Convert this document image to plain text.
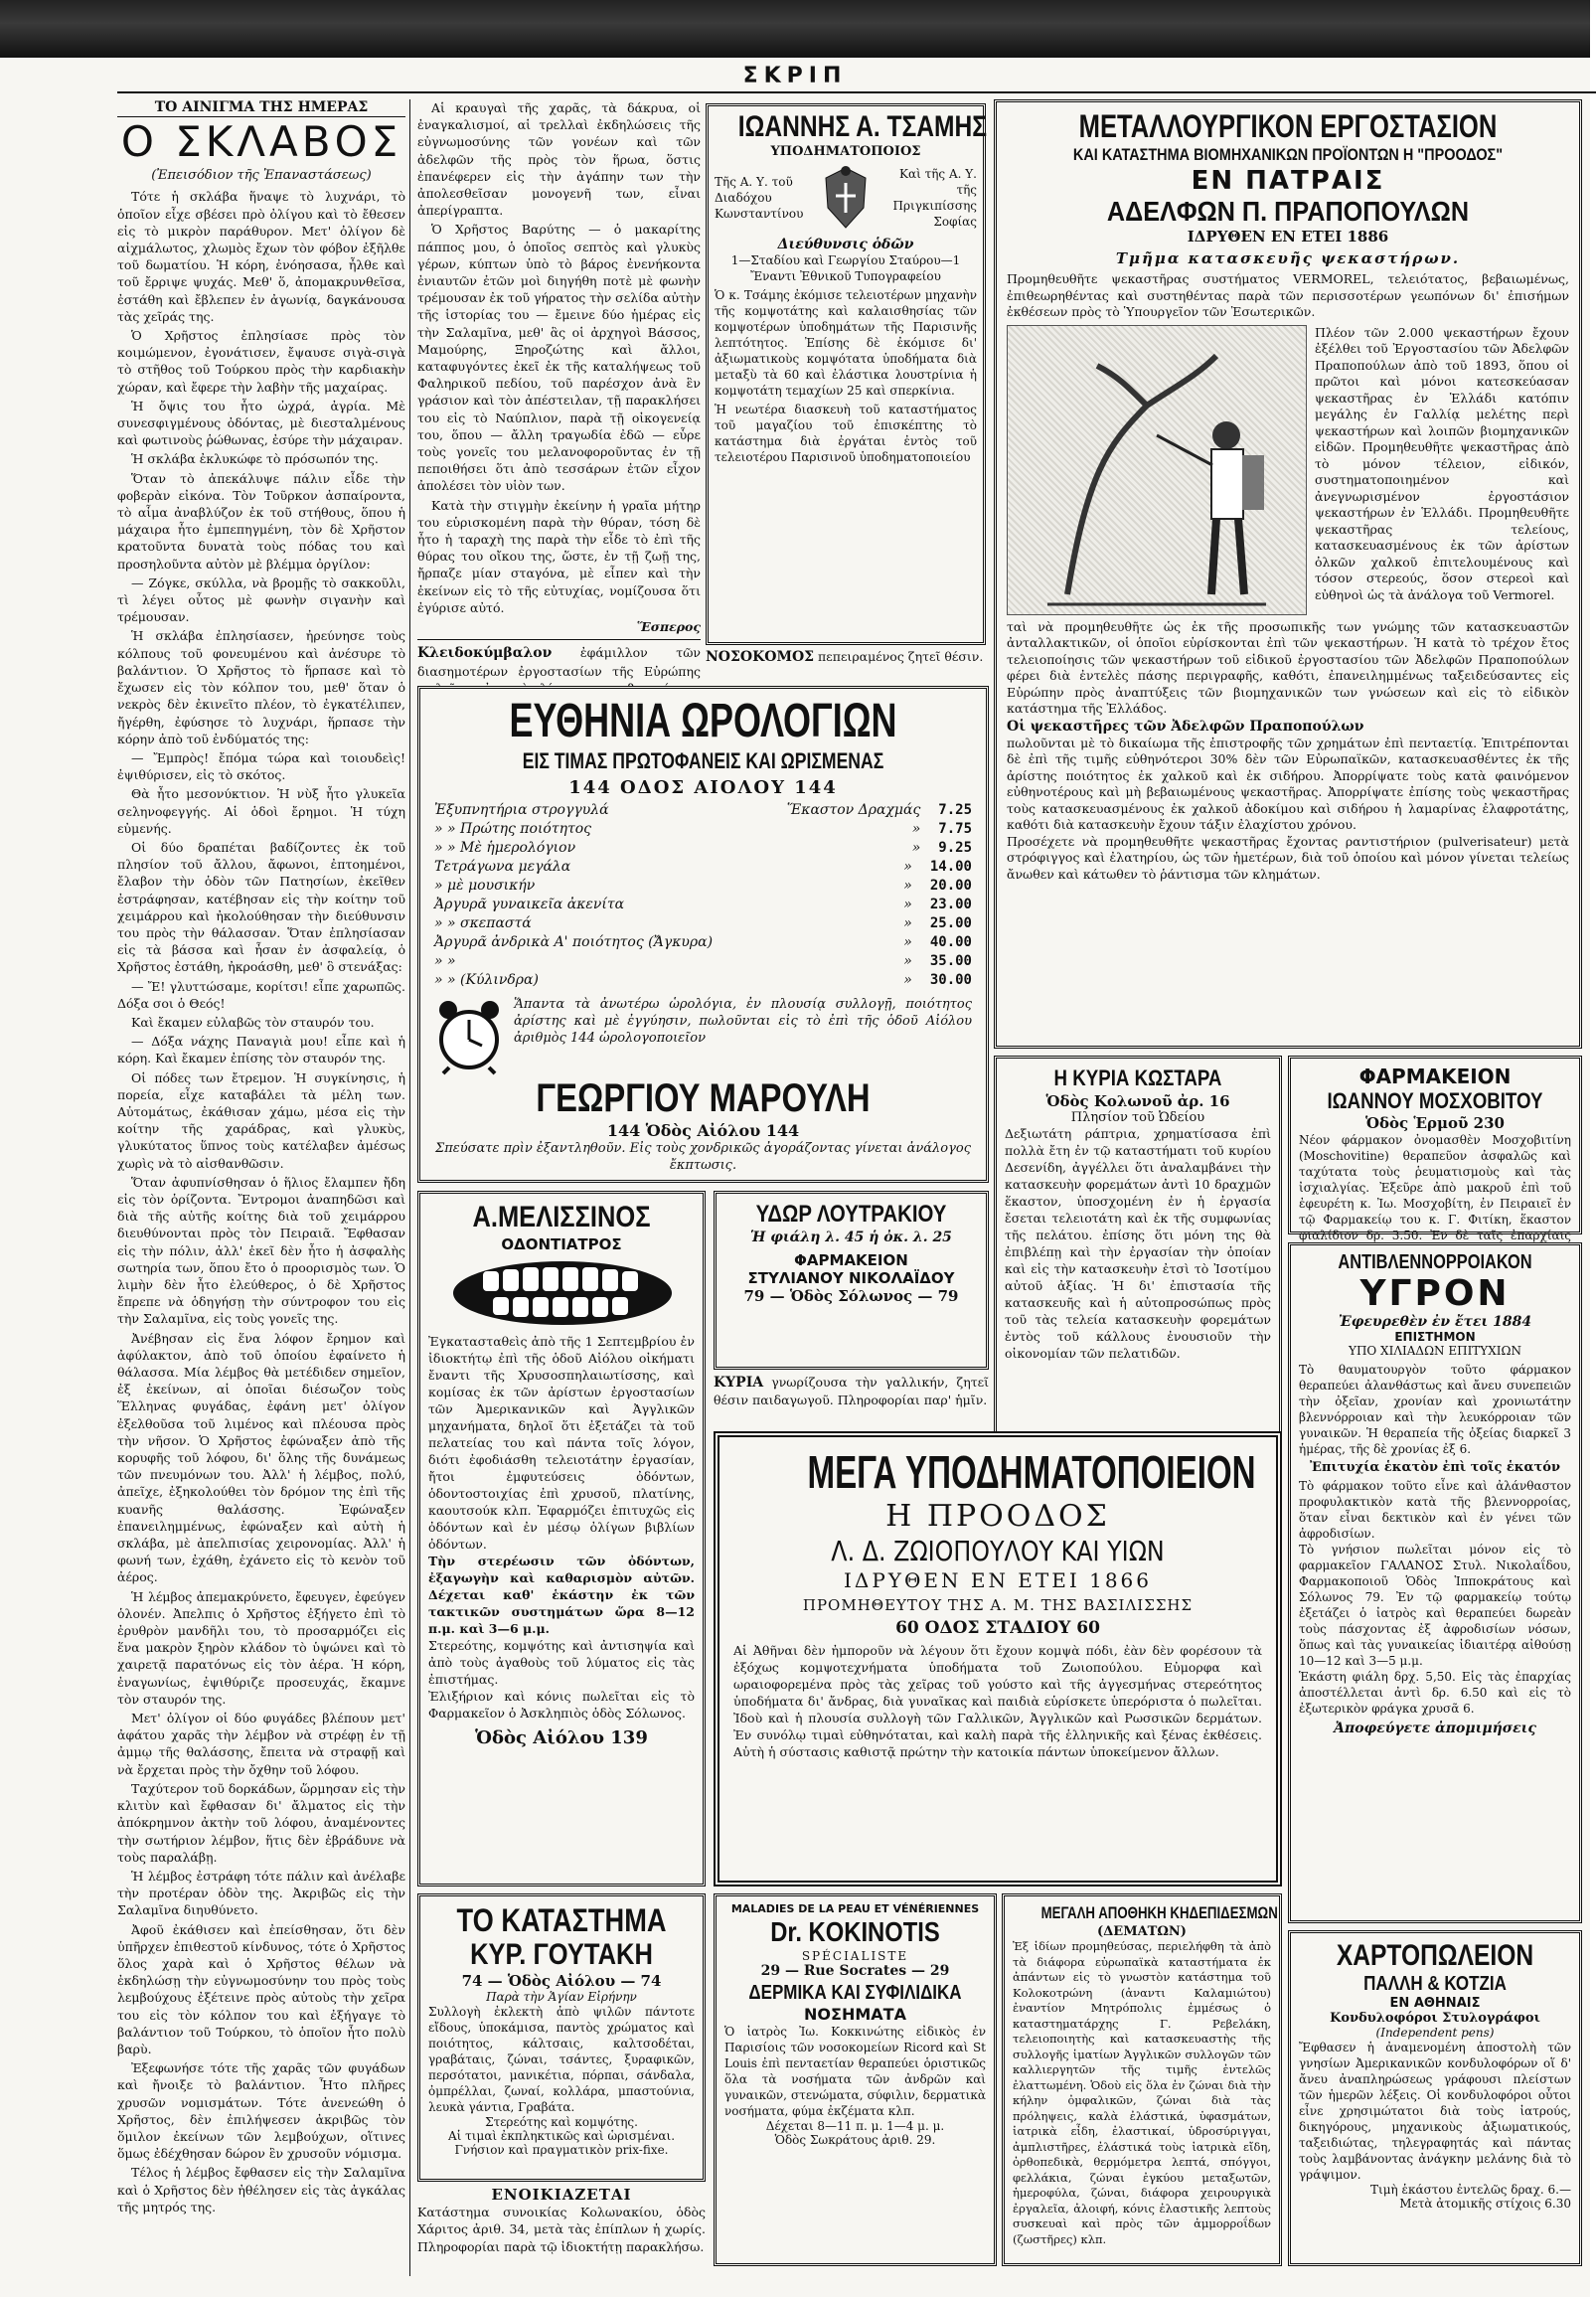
ΣΚΡΙΠ
ΤΟ ΑΙΝΙΓΜΑ ΤΗΣ ΗΜΕΡΑΣ
Ο ΣΚΛΑΒΟΣ
(Ἐπεισόδιον τῆς Ἐπαναστάσεως)

Τότε ἡ σκλάβα ἥναψε τὸ λυχνάρι, τὸ ὁποῖον εἶχε σβέσει πρὸ ὀλίγου καὶ τὸ ἔθεσεν εἰς τὸ μικρὸν παράθυρον. Μετ' ὀλίγον δὲ αἰχμάλωτος, χλωμὸς ἔχων τὸν φόβον ἐξῆλθε τοῦ δωματίου. Ἡ κόρη, ἐνόησασα, ἦλθε καὶ τοῦ ἔρριψε ψυχάς. Μεθ' ὅ, ἀπομακρυνθεῖσα, ἐστάθη καὶ ἔβλεπεν ἐν ἀγωνίᾳ, δαγκάνουσα τὰς χεῖράς της.

Ὁ Χρῆστος ἐπλησίασε πρὸς τὸν κοιμώμενον, ἐγονάτισεν, ἔψαυσε σιγὰ-σιγὰ τὸ στῆθος τοῦ Τούρκου πρὸς τὴν καρδιακὴν χώραν, καὶ ἔφερε τὴν λαβὴν τῆς μαχαίρας.

Ἡ ὄψις του ἦτο ὠχρά, ἀγρία. Μὲ συνεσφιγμένους ὀδόντας, μὲ διεσταλμένους καὶ φωτινοὺς ῥώθωνας, ἐσύρε τὴν μάχαιραν.

Ἡ σκλάβα ἐκλυκώφε τὸ πρόσωπόν της.

Ὅταν τὸ ἀπεκάλυψε πάλιν εἶδε τὴν φοβερὰν εἰκόνα. Τὸν Τοῦρκον ἀσπαίροντα, τὸ αἷμα ἀναβλύζον ἐκ τοῦ στήθους, ὅπου ἡ μάχαιρα ἦτο ἐμπεπηγμένη, τὸν δὲ Χρῆστον κρατοῦντα δυνατὰ τοὺς πόδας του καὶ προσηλοῦντα αὐτὸν μὲ βλέμμα ὀργίλον:

— Ζόγκε, σκύλλα, νὰ βρομῇς τὸ σακκοῦλι, τὶ λέγει οὗτος μὲ φωνὴν σιγανὴν καὶ τρέμουσαν.

Ἡ σκλάβα ἐπλησίασεν, ἠρεύνησε τοὺς κόλπους τοῦ φονευμένου καὶ ἀνέσυρε τὸ βαλάντιον. Ὁ Χρῆστος τὸ ἥρπασε καὶ τὸ ἔχωσεν εἰς τὸν κόλπον του, μεθ' ὅταν ὁ νεκρὸς δὲν ἐκινεῖτο πλέον, τὸ ἐγκατέλιπεν, ἤγέρθη, ἐφύσησε τὸ λυχνάρι, ἥρπασε τὴν κόρην ἀπὸ τοῦ ἐνδύματός της:

— Ἔμπρὸς! ἔπόμα τώρα καὶ τοιουδεὶς! ἐψιθύρισεν, εἰς τὸ σκότος.

Θὰ ἦτο μεσονύκτιον. Ἡ νὺξ ἦτο γλυκεῖα σεληνοφεγγής. Αἱ ὁδοὶ ἔρημοι. Ἡ τύχη εὐμενής.

Οἱ δύο δραπέται βαδίζοντες ἐκ τοῦ πλησίον τοῦ ἄλλου, ἄφωνοι, ἐπτοημένοι, ἔλαβον τὴν ὁδὸν τῶν Πατησίων, ἐκεῖθεν ἐστράφησαν, κατέβησαν εἰς τὴν κοίτην τοῦ χειμάρρου καὶ ἠκολούθησαν τὴν διεύθυνσιν του πρὸς τὴν θάλασσαν. Ὅταν ἐπλησίασαν εἰς τὰ βάσσα καὶ ἦσαν ἐν ἀσφαλείᾳ, ὁ Χρῆστος ἐστάθη, ἠκροάσθη, μεθ' ὃ στενάξας:

— Ἔ! γλυττώσαμε, κορίτσι! εἶπε χαρωπῶς. Δόξα σοι ὁ Θεός!

Καὶ ἔκαμεν εὐλαβῶς τὸν σταυρόν του.

— Δόξα νάχης Παναγιὰ μου! εἶπε καὶ ἡ κόρη. Καὶ ἔκαμεν ἐπίσης τὸν σταυρόν της.

Οἱ πόδες των ἔτρεμον. Ἡ συγκίνησις, ἡ πορεία, εἶχε καταβάλει τὰ μέλη των. Αὐτομάτως, ἐκάθισαν χάμω, μέσα εἰς τὴν κοίτην τῆς χαράδρας, καὶ γλυκὺς, γλυκύτατος ὕπνος τοὺς κατέλαβεν ἀμέσως χωρὶς νὰ τὸ αἰσθανθῶσιν.

Ὅταν ἀφυπνίσθησαν ὁ ἥλιος ἔλαμπεν ἤδη εἰς τὸν ὁρίζοντα. Ἔντρομοι ἀναπηδῶσι καὶ διὰ τῆς αὐτῆς κοίτης διὰ τοῦ χειμάρρου διευθύνονται πρὸς τὸν Πειραιᾶ. Ἔφθασαν εἰς τὴν πόλιν, ἀλλ' ἐκεῖ δὲν ἦτο ἡ ἀσφαλὴς σωτηρία των, ὅπου ἔτο ὁ προορισμὸς των. Ὁ λιμὴν δὲν ἦτο ἐλεύθερος, ὁ δὲ Χρῆστος ἔπρεπε νὰ ὁδηγήσῃ τὴν σύντροφον του εἰς τὴν Σαλαμῖνα, εἰς τοὺς γονεῖς της.

Ἀνέβησαν εἰς ἕνα λόφον ἔρημον καὶ ἀφύλακτον, ἀπὸ τοῦ ὁποίου ἐφαίνετο ἡ θάλασσα. Μία λέμβος θὰ μετέδιδεν σημεῖον, ἐξ ἐκείνων, αἱ ὁποῖαι διέσωζον τοὺς Ἕλληνας φυγάδας, ἐφάνη μετ' ὀλίγον ἐξελθοῦσα τοῦ λιμένος καὶ πλέουσα πρὸς τὴν νῆσον. Ὁ Χρῆστος ἐφώναξεν ἀπὸ τῆς κορυφῆς τοῦ λόφου, δι' ὅλης τῆς δυνάμεως τῶν πνευμόνων του. Ἀλλ' ἡ λέμβος, πολύ, ἀπεῖχε, ἐξηκολούθει τὸν δρόμον της ἐπὶ τῆς κυανῆς θαλάσσης. Ἐφώναξεν ἐπανειλημμένως, ἐφώναξεν καὶ αὐτὴ ἡ σκλάβα, μὲ ἀπελπισίας χειρονομίας. Ἀλλ' ἡ φωνή των, ἐχάθη, ἐχάνετο εἰς τὸ κενὸν τοῦ ἀέρος.

Ἡ λέμβος ἀπεμακρύνετο, ἔφευγεν, ἐφεύγεν ὁλονέν. Ἀπελπις ὁ Χρῆστος ἐξήγετο ἐπὶ τὸ ἐρυθρὸν μανδῆλι του, τὸ προσαρμόζει εἰς ἕνα μακρὸν ξηρὸν κλάδον τὸ ὑψώνει καὶ τὸ χαιρετᾷ παρατόνως εἰς τὸν ἀέρα. Ἡ κόρη, ἐναγωνίως, ἐψιθύριζε προσευχάς, ἔκαμνε τὸν σταυρόν της.

Μετ' ὀλίγον οἱ δύο φυγάδες βλέπουν μετ' ἀφάτου χαρᾶς τὴν λέμβον νὰ στρέφῃ ἐν τῇ ἀμμῳ τῆς θαλάσσης, ἔπειτα νὰ στραφῇ καὶ νὰ ἔρχεται πρὸς τὴν ὄχθην τοῦ λόφου.

Ταχύτερον τοῦ δορκάδων, ὥρμησαν εἰς τὴν κλιτὺν καὶ ἔφθασαν δι' ἄλματος εἰς τὴν ἀπόκρημνον ἀκτὴν τοῦ λόφου, ἀναμένοντες τὴν σωτήριον λέμβον, ἥτις δὲν ἐβράδυνε νὰ τοὺς παραλάβῃ.

Ἡ λέμβος ἐστράφη τότε πάλιν καὶ ἀνέλαβε τὴν προτέραν ὁδὸν της. Ἀκριβῶς εἰς τὴν Σαλαμῖνα διηυθύνετο.

Ἀφοῦ ἐκάθισεν καὶ ἐπείσθησαν, ὅτι δὲν ὑπῆρχεν ἐπιθεστοῦ κίνδυνος, τότε ὁ Χρῆστος ὅλος χαρὰ καὶ ὁ Χρῆστος θέλων νὰ ἐκδηλώσῃ τὴν εὐγνωμοσύνην του πρὸς τοὺς λεμβούχους ἐξέτεινε πρὸς αὐτοὺς τὴν χεῖρα του εἰς τὸν κόλπον του καὶ ἐξήγαγε τὸ βαλάντιον τοῦ Τούρκου, τὸ ὁποῖον ἦτο πολὺ βαρὺ.

Ἐξεφωνήσε τότε τῆς χαρᾶς τῶν φυγάδων καὶ ἤνοιξε τὸ βαλάντιον. Ἦτο πλῆρες χρυσῶν νομισμάτων. Τότε ἀνενεώθη ὁ Χρῆστος, δὲν ἐπιλήψεσεν ἀκριβῶς τὸν ὅμιλον ἐκείνων τῶν λεμβούχων, οἵτινες ὅμως ἐδέχθησαν δώρον ἓν χρυσοῦν νόμισμα.

Τέλος ἡ λέμβος ἔφθασεν εἰς τὴν Σαλαμῖνα καὶ ὁ Χρῆστος δὲν ἠθέλησεν εἰς τὰς ἀγκάλας τῆς μητρός της.

Αἱ κραυγαὶ τῆς χαρᾶς, τὰ δάκρυα, οἱ ἐναγκαλισμοί, αἱ τρελλαὶ ἐκδηλώσεις τῆς εὐγνωμοσύνης τῶν γονέων καὶ τῶν ἀδελφῶν τῆς πρὸς τὸν ἥρωα, ὅστις ἐπανέφερεν εἰς τὴν ἀγάπην των τὴν ἀπολεσθεῖσαν μονογενῆ των, εἶναι ἀπερίγραπτα.

Ὁ Χρῆστος Βαρύτης — ὁ μακαρίτης πάππος μου, ὁ ὁποῖος σεπτὸς καὶ γλυκὺς γέρων, κύπτων ὑπὸ τὸ βάρος ἐνενήκοντα ἐνιαυτῶν ἐτῶν μοὶ διηγήθη ποτὲ μὲ φωνὴν τρέμουσαν ἐκ τοῦ γήρατος τὴν σελίδα αὐτὴν τῆς ἱστορίας του — ἔμεινε δύο ἡμέρας εἰς τὴν Σαλαμῖνα, μεθ' ἃς οἱ ἀρχηγοὶ Βάσσος, Μαμούρης, Ξηροζώτης καὶ ἄλλοι, καταφυγόντες ἐκεῖ ἐκ τῆς καταλήψεως τοῦ Φαληρικοῦ πεδίου, τοῦ παρέσχον ἀνὰ ἓν γράσιον καὶ τὸν ἀπέστειλαν, τῇ παρακλήσει του εἰς τὸ Ναύπλιον, παρὰ τῇ οἰκογενείᾳ του, ὅπου — ἄλλη τραγωδία ἐδῶ — εὗρε τοὺς γονεῖς του μελανοφοροῦντας ἐν τῇ πεποιθήσει ὅτι ἀπὸ τεσσάρων ἐτῶν εἶχον ἀπολέσει τὸν υἱὸν των.

Κατὰ τὴν στιγμὴν ἐκείνην ἡ γραῖα μήτηρ του εὑρισκομένη παρὰ τὴν θύραν, τόση δὲ ἦτο ἡ ταραχὴ της παρὰ τὴν εἶδε τὸ ἐπὶ τῆς θύρας του οἴκου της, ὥστε, ἐν τῇ ζωῇ της, ἤρπαζε μίαν σταγόνα, μὲ εἶπεν καὶ τὴν ἐκείνων εἰς τὸ τῆς εὐτυχίας, νομίζουσα ὅτι ἐγύρισε αὐτό.

Ἕσπερος
Κλειδοκύμβαλον ἐφάμιλλον τῶν διασημοτέρων ἐργοστασίων τῆς Εὐρώπης
ΙΩΑΝΝΗΣ Α. ΤΣΑΜΗΣ
ΥΠΟΔΗΜΑΤΟΠΟΙΟΣ
Τῆς Α. Υ. τοῦ Διαδόχου Κωνσταντίνου
Καὶ τῆς Α. Υ. τῆς Πριγκιπίσσης Σοφίας
Διεύθυνσις ὁδῶν
1—Σταδίου καὶ Γεωργίου Σταύρου—1 Ἔναντι Ἐθνικοῦ Τυπογραφείου
Ὁ κ. Τσάμης ἐκόμισε τελειοτέρων μηχανὴν τῆς κομψοτάτης καὶ καλαισθησίας τῶν κομψοτέρων ὑποδημάτων τῆς Παρισινῆς λεπτότητος. Ἐπίσης δὲ ἐκόμισε δι' ἀξιωματικοὺς κομψότατα ὑποδήματα διὰ μεταξὺ τὰ 60 καὶ ἐλάστικα λουστρίνια ἡ κομψοτάτη τεμαχίων 25 καὶ σπερκίνια.
Ἡ νεωτέρα διασκευὴ τοῦ καταστήματος τοῦ μαγαζίου τοῦ ἐπισκέπτης τὸ κατάστημα διὰ ἐργάται ἐντὸς τοῦ τελειοτέρου Παρισινοῦ ὑποδηματοποιείου
ΝΟΣΟΚΟΜΟΣ πεπειραμένος ζητεῖ θέσιν.
ΕΥΘΗΝΙΑ ΩΡΟΛΟΓΙΩΝ
ΕΙΣ ΤΙΜΑΣ ΠΡΩΤΟΦΑΝΕΙΣ ΚΑΙ ΩΡΙΣΜΕΝΑΣ
144 ΟΔΟΣ ΑΙΟΛΟΥ 144
Ἐξυπνητήρια στρογγυλά	Ἕκαστον Δραχμάς 7.25
» » Πρώτης ποιότητος	» 7.75
» » Μὲ ἡμερολόγιον	» 9.25
Τετράγωνα μεγάλα	» 14.00
» μὲ μουσικήν	» 20.00
Ἀργυρᾶ γυναικεῖα ἀκενίτα	» 23.00
» » σκεπαστά	» 25.00
Ἀργυρᾶ ἀνδρικὰ Α' ποιότητος (Ἄγκυρα)	» 40.00
» »	» 35.00
» » (Κύλινδρα)	» 30.00
Ἅπαντα τὰ ἀνωτέρω ὡρολόγια, ἐν πλουσίᾳ συλλογῇ, ποιότητος ἀρίστης καὶ μὲ ἐγγύησιν, πωλοῦνται εἰς τὸ ἐπὶ τῆς ὁδοῦ Αἰόλου ἀριθμὸς 144 ὡρολογοποιεῖον
ΓΕΩΡΓΙΟΥ ΜΑΡΟΥΛΗ
144 Ὁδὸς Αἰόλου 144
Σπεύσατε πρὶν ἐξαντληθοῦν. Εἰς τοὺς χονδρικῶς ἀγοράζοντας γίνεται ἀνάλογος ἔκπτωσις.
Α.ΜΕΛΙΣΣΙΝΟΣ
ΟΔΟΝΤΙΑΤΡΟΣ
Ἐγκατασταθεὶς ἀπὸ τῆς 1 Σεπτεμβρίου ἐν ἰδιοκτήτῳ ἐπὶ τῆς ὁδοῦ Αἰόλου οἰκήματι ἔναντι τῆς Χρυσοσπηλαιωτίσσης, καὶ κομίσας ἐκ τῶν ἀρίστων ἐργοστασίων τῶν Ἀμερικανικῶν καὶ Ἀγγλικῶν μηχανήματα, δηλοῖ ὅτι ἐξετάζει τὰ τοῦ πελατείας του καὶ πάντα τοῖς λόγον, διότι ἐφοδιάσθη τελειοτάτην ἐργασίαν, ἤτοι ἐμφυτεύσεις ὀδόντων, ὁδοντοστοιχίας ἐπὶ χρυσοῦ, πλατίνης, καουτσούκ κλπ. Ἐφαρμόζει ἐπιτυχῶς εἰς ὀδόντων καὶ ἐν μέσῳ ὀλίγων βιβλίων ὀδόντων.
Τὴν στερέωσιν τῶν ὀδόντων, ἐξαγωγὴν καὶ καθαρισμὸν αὐτῶν. Δέχεται καθ' ἑκάστην ἐκ τῶν τακτικῶν συστημάτων ὥρα 8—12 π.μ. καὶ 3—6 μ.μ.
Στερεότης, κομψότης καὶ ἀντισηψία καὶ ἀπὸ τοὺς ἀγαθοὺς τοῦ λύματος εἰς τὰς ἐπιστήμας.
Ἐλιξήριον καὶ κόνις πωλεῖται εἰς τὸ Φαρμακεῖον ὁ Ἀσκληπιὸς ὁδὸς Σόλωνος.
Ὁδὸς Αἰόλου 139
ΥΔΩΡ ΛΟΥΤΡΑΚΙΟΥ
Ἡ φιάλη λ. 45 ἡ ὀκ. λ. 25
ΦΑΡΜΑΚΕΙΟΝ
ΣΤΥΛΙΑΝΟΥ ΝΙΚΟΛΑΪΔΟΥ
79 — Ὁδὸς Σόλωνος — 79
ΚΥΡΙΑ γνωρίζουσα τὴν γαλλικήν, ζητεῖ θέσιν παιδαγωγοῦ. Πληροφορίαι παρ' ἡμῖν.
ΜΕΤΑΛΛΟΥΡΓΙΚΟΝ ΕΡΓΟΣΤΑΣΙΟΝ
ΚΑΙ ΚΑΤΑΣΤΗΜΑ ΒΙΟΜΗΧΑΝΙΚΩΝ ΠΡΟΪΟΝΤΩΝ Η "ΠΡΟΟΔΟΣ"
ΕΝ ΠΑΤΡΑΙΣ
ΑΔΕΛΦΩΝ Π. ΠΡΑΠΟΠΟΥΛΩΝ
ΙΔΡΥΘΕΝ ΕΝ ΕΤΕΙ 1886
Τμῆμα κατασκευῆς ψεκαστήρων.
Προμηθευθῆτε ψεκαστῆρας συστήματος VERMOREL, τελειότατος, βεβαιωμένως, ἐπιθεωρηθέντας καὶ συστηθέντας παρὰ τῶν περισσοτέρων γεωπόνων δι' ἐπισήμων ἐκθέσεων πρὸς τὸ Ὑπουργεῖον τῶν Ἐσωτερικῶν.
Πλέον τῶν 2.000 ψεκαστήρων ἔχουν ἐξέλθει τοῦ Ἐργοστασίου τῶν Ἀδελφῶν Πραποπούλων ἀπὸ τοῦ 1893, ὅπου οἱ πρῶτοι καὶ μόνοι κατεσκεύασαν ψεκαστῆρας ἐν Ἑλλάδι κατόπιν μεγάλης ἐν Γαλλίᾳ μελέτης περὶ ψεκαστήρων καὶ λοιπῶν βιομηχανικῶν εἰδῶν. Προμηθευθῆτε ψεκαστῆρας ἀπὸ τὸ μόνον τέλειον, εἰδικόν, συστηματοποιημένον καὶ ἀνεγνωρισμένον ἐργοστάσιον ψεκαστήρων ἐν Ἑλλάδι. Προμηθευθῆτε ψεκαστῆρας τελείους, κατασκευασμένους ἐκ τῶν ἀρίστων ὀλκῶν χαλκοῦ ἐπιτελουμένους καὶ τόσον στερεούς, ὅσον στερεοὶ καὶ εὐθηνοὶ ὡς τὰ ἀνάλογα τοῦ Vermorel.
ταὶ νὰ προμηθευθῆτε ὡς ἐκ τῆς προσωπικῆς των γνώμης τῶν κατασκευαστῶν ἀνταλλακτικῶν, οἱ ὁποῖοι εὑρίσκονται ἐπὶ τῶν ψεκαστήρων. Ἡ κατὰ τὸ τρέχον ἔτος τελειοποίησις τῶν ψεκαστήρων τοῦ εἰδικοῦ ἐργοστασίου τῶν Ἀδελφῶν Πραποπούλων φέρει διὰ ἐντελὲς πάσης περιγραφῆς, καθότι, ἐπανειλημμένως ταξειδεύσαντες εἰς Εὐρώπην πρὸς ἀναπτύξεις τῶν βιομηχανικῶν των γνώσεων καὶ εἰς τὸ εἰδικὸν κατάστημα τῆς Ἑλλάδος.
Οἱ ψεκαστῆρες τῶν Ἀδελφῶν Πραποπούλων
πωλοῦνται μὲ τὸ δικαίωμα τῆς ἐπιστροφῆς τῶν χρημάτων ἐπὶ πενταετίᾳ. Ἐπιτρέπονται δὲ ἐπὶ τῆς τιμῆς εὐθηνότεροι 30% δὲν τῶν Εὐρωπαϊκῶν, κατασκευασθέντες ἐκ τῆς ἀρίστης ποιότητος ἐκ χαλκοῦ καὶ ἐκ σιδήρου. Ἀπορρίψατε τοὺς κατὰ φαινόμενον εὐθηνοτέρους καὶ μὴ βεβαιωμένους ψεκαστῆρας. Ἀπορρίψατε ἐπίσης τοὺς ψεκαστῆρας τοὺς κατασκευασμένους ἐκ χαλκοῦ ἀδοκίμου καὶ σιδήρου ἡ λαμαρίνας ἐλαφροτάτης, καθότι διὰ κατασκευὴν ἔχουν τάξιν ἐλαχίστου χρόνου.
Προσέχετε νὰ προμηθευθῆτε ψεκαστῆρας ἔχοντας ραντιστήριον (pulverisateur) μετὰ στρόφιγγος καὶ ἐλατηρίου, ὡς τῶν ἡμετέρων, διὰ τοῦ ὁποίου καὶ μόνον γίνεται τελείως ἄνωθεν καὶ κάτωθεν τὸ ῥάντισμα τῶν κλημάτων.
Η ΚΥΡΙΑ ΚΩΣΤΑΡΑ
Ὁδὸς Κολωνοῦ ἀρ. 16
Πλησίον τοῦ Ὠδείου
Δεξιωτάτη ράπτρια, χρηματίσασα ἐπὶ πολλὰ ἔτη ἐν τῷ καταστήματι τοῦ κυρίου Δεσενίδη, ἀγγέλλει ὅτι ἀναλαμβάνει τὴν κατασκευὴν φορεμάτων ἀντὶ 10 δραχμῶν ἕκαστον, ὑποσχομένη ἐν ἡ ἐργασία ἔσεται τελειοτάτη καὶ ἐκ τῆς συμφωνίας τῆς πελάτου. ἐπίσης ὅτι μόνη της θὰ ἐπιβλέπῃ καὶ τὴν ἐργασίαν τὴν ὁποίαν καὶ εἰς τὴν κατασκευὴν ἐτσὶ τὸ Ἰσοτίμου αὐτοῦ ἀξίας. Ἡ δι' ἐπιστασία τῆς κατασκευῆς καὶ ἡ αὐτοπροσώπως πρὸς τοῦ τὰς τελεία κατασκευὴν φορεμάτων ἐντὸς τοῦ κάλλους ἐνουσιοῦν τὴν οἰκονομίαν τῶν πελατιδῶν.
ΦΑΡΜΑΚΕΙΟΝ
ΙΩΑΝΝΟΥ ΜΟΣΧΟΒΙΤΟΥ
Ὁδὸς Ἑρμοῦ 230
Νέον φάρμακον ὀνομασθὲν Μοσχοβιτίνη (Moschovitine) θεραπεῦον ἀσφαλῶς καὶ ταχύτατα τοὺς ῥευματισμοὺς καὶ τὰς ἰσχιαλγίας. Ἐξεῦρε ἀπὸ μακροῦ ἐπὶ τοῦ ἐφευρέτη κ. Ἰω. Μοσχοβίτη, ἐν Πειραιεῖ ἐν τῷ Φαρμακείῳ του κ. Γ. Φιτίκη, ἕκαστον φιαλίδιον δρ. 3.50. Ἐν δὲ ταῖς ἐπαρχίαις
ΑΝΤΙΒΛΕΝΝΟΡΡΟΙΑΚΟΝ
ΥΓΡΟΝ
Ἐφευρεθὲν ἐν ἔτει 1884
ΕΠΙΣΤΗΜΟΝ
ΥΠΟ ΧΙΛΙΑΔΩΝ ΕΠΙΤΥΧΙΩΝ
Τὸ θαυματουργὸν τοῦτο φάρμακον θεραπεύει ἀλανθάστως καὶ ἄνευ συνεπειῶν τὴν ὀξεῖαν, χρονίαν καὶ χρονιωτάτην βλεννόρροιαν καὶ τὴν λευκόρροιαν τῶν γυναικῶν. Ἡ θεραπεία τῆς ὀξείας διαρκεῖ 3 ἡμέρας, τῆς δὲ χρονίας ἐξ 6.
Ἐπιτυχία ἑκατὸν ἐπὶ τοῖς ἑκατόν
Τὸ φάρμακον τοῦτο εἶνε καὶ ἀλάνθαστον προφυλακτικὸν κατὰ τῆς βλεννορροίας, ὅταν εἶναι δεκτικὸν καὶ ἐν γένει τῶν ἀφροδισίων.
Τὸ γνήσιον πωλεῖται μόνον εἰς τὸ φαρμακεῖον ΓΑΛΑΝΟΣ Στυλ. Νικολαΐδου, Φαρμακοποιοῦ Ὁδὸς Ἱπποκράτους καὶ Σόλωνος 79. Ἐν τῷ φαρμακείῳ τούτῳ ἐξετάζει ὁ ἰατρὸς καὶ θεραπεύει δωρεὰν τοὺς πάσχοντας ἐξ ἀφροδισίων νόσων, ὅπως καὶ τὰς γυναικείας ἰδιαιτέρᾳ αἰθούσῃ 10—12 καὶ 3—5 μ.μ.
Ἑκάστη φιάλη δρχ. 5,50. Εἰς τὰς ἐπαρχίας ἀποστέλλεται ἀντὶ δρ. 6.50 καὶ εἰς τὸ ἐξωτερικὸν φράγκα χρυσᾶ 6.
Ἀποφεύγετε ἀπομιμήσεις
ΜΕΓΑ ΥΠΟΔΗΜΑΤΟΠΟΙΕΙΟΝ
Η ΠΡΟΟΔΟΣ
Λ. Δ. ΖΩΙΟΠΟΥΛΟΥ ΚΑΙ ΥΙΩΝ
ΙΔΡΥΘΕΝ ΕΝ ΕΤΕΙ 1866
ΠΡΟΜΗΘΕΥΤΟΥ ΤΗΣ Α. Μ. ΤΗΣ ΒΑΣΙΛΙΣΣΗΣ
60 ΟΔΟΣ ΣΤΑΔΙΟΥ 60
Αἱ Ἀθῆναι δὲν ἠμποροῦν νὰ λέγουν ὅτι ἔχουν κομψὰ πόδι, ἐὰν δὲν φορέσουν τὰ ἐξόχως κομψοτεχνήματα ὑποδήματα τοῦ Ζωιοπούλου. Εὐμορφα καὶ ωραιοφορεμένα πρὸς τὰς χεῖρας τοῦ γούστο καὶ τῆς ἀγγεσμήνας στερεότητος ὑποδήματα δι' ἄνδρας, διὰ γυναῖκας καὶ παιδιὰ εὑρίσκετε ὑπερόριστα ὁ πωλεῖται. Ἰδοὺ καὶ ἡ πλουσία συλλογὴ τῶν Γαλλικῶν, Ἀγγλικῶν καὶ Ρωσσικῶν δερμάτων. Ἐν συνόλῳ τιμαὶ εὐθηνόταται, καὶ καλὴ παρὰ τῆς ἑλληνικῆς καὶ ξένας ἐκθέσεις. Αὐτὴ ἡ σύστασις καθιστᾷ πρώτην τὴν κατοικία πάντων ὑποκείμενον ἄλλων.
ΤΟ ΚΑΤΑΣΤΗΜΑ
ΚΥΡ. ΓΟΥΤΑΚΗ
74 — Ὁδὸς Αἰόλου — 74
Παρὰ τὴν Ἁγίαν Εἰρήνην
Συλλογὴ ἐκλεκτὴ ἀπὸ ψιλῶν πάντοτε εἴδους, ὑποκάμισα, παντὸς χρώματος καὶ ποιότητος, κάλτσαις, καλτσοδέται, γραβάταις, ζώναι, τσάντες, ξυραφικῶν, περσότατοι, μανικέτια, πόρπαι, σάνδαλα, ὀμπρέλλαι, ζωναί, κολλάρα, μπαστούνια, λευκὰ γάντια, Γραβάτα.
Στερεότης καὶ κομψότης.
Αἱ τιμαὶ ἐκπληκτικῶς καὶ ὡρισμέναι.
Γνήσιον καὶ πραγματικὸν prix-fixe.
ΕΝΟΙΚΙΑΖΕΤΑΙ
Κατάστημα συνοικίας Κολωνακίου, ὁδὸς Χάριτος ἀριθ. 34, μετὰ τὰς ἐπίπλων ἡ χωρίς. Πληροφορίαι παρὰ τῷ ἰδιοκτήτῃ παρακλήσω.
MALADIES DE LA PEAU ET VÉNÉRIENNES
Dr. KOKINOTIS
SPÉCIALISTE
29 — Rue Socrates — 29
ΔΕΡΜΙΚΑ ΚΑΙ ΣΥΦΙΛΙΔΙΚΑ
ΝΟΣΗΜΑΤΑ
Ὁ ἰατρὸς Ἰω. Κοκκινώτης εἰδικὸς ἐν Παρισίοις τῶν νοσοκομείων Ricord καὶ St Louis ἐπὶ πενταετίαν θεραπεύει ὁριστικῶς ὅλα τὰ νοσήματα τῶν ἀνδρῶν καὶ γυναικῶν, στενώματα, σύφιλιν, δερματικὰ νοσήματα, φύμα ἐκζέματα κλπ.
Δέχεται 8—11 π. μ. 1—4 μ. μ.
Ὁδὸς Σωκράτους ἀριθ. 29.
ΜΕΓΑΛΗ ΑΠΟΘΗΚΗ ΚΗΔΕΠΙΔΕΣΜΩΝ
(ΔΕΜΑΤΩΝ)
Ἐξ ἰδίων προμηθεύσας, περιελήφθη τὰ ἀπὸ τὰ διάφορα εὐρωπαϊκὰ καταστήματα ἐκ ἀπάντων εἰς τὸ γνωστὸν κατάστημα τοῦ Κολοκοτρώνη (ἀναντι Καλαμιώτου) ἐναντίον Μητρόπολις ἐμμέσως ὁ καταστηματάρχης Γ. Ρεβελάκη, τελειοποιητὴς καὶ κατασκευαστὴς τῆς συλλογῆς ἰματίων Ἀγγλικῶν συλλογῶν τῶν καλλιεργητῶν τῆς τιμῆς ἐντελῶς ἐλαττωμένη. Ὁδοὺ εἰς ὅλα ἐν ζώναι διὰ τὴν κήλην ὀμφαλικῶν, ζώναι διὰ τὰς πρόληψεις, καλὰ ἐλάστικά, ὑφασμάτων, ἰατρικὰ εἶδη, ἐλαστικαί, ὑδροσύριγγαι, ἀμπλιστῆρες, ἐλάστικά τοὺς ἰατρικὰ εἴδη, ὀρθοπεδικὰ, θερμόμετρα λεπτά, σπόγγοι, φελλάκια, ζώναι ἐγκύου μεταξωτῶν, ἡμεροφύλα, ζώναι, διάφορα χειρουργικὰ ἐργαλεῖα, ἀλοιφή, κόνις ἐλαστικῆς λεπτοὺς συσκευαὶ καὶ πρὸς τῶν ἀμμορροΐδων (ζωστῆρες) κλπ.
ΧΑΡΤΟΠΩΛΕΙΟΝ
ΠΑΛΛΗ & ΚΟΤΖΙΑ
ΕΝ ΑΘΗΝΑΙΣ
Κονδυλοφόροι Στυλογράφοι
(Independent pens)
Ἔφθασεν ἡ ἀναμενομένη ἀποστολὴ τῶν γνησίων Ἀμερικανικῶν κονδυλοφόρων οἵ δ' ἄνευ ἀναπληρώσεως γράφουσι πλείστων τῶν ἡμερῶν λέξεις. Οἱ κονδυλοφόροι οὗτοι εἶνε χρησιμώτατοι διὰ τοὺς ἰατρούς, δικηγόρους, μηχανικοὺς ἀξιωματικούς, ταξειδιώτας, τηλεγραφητάς καὶ πάντας τοὺς λαμβάνοντας ἀνάγκην μελάνης διὰ τὸ γράψιμον.
Τιμὴ ἑκάστου ἐντελῶς δραχ. 6.—
Μετὰ ἀτομικῆς στίχοις 6.30
